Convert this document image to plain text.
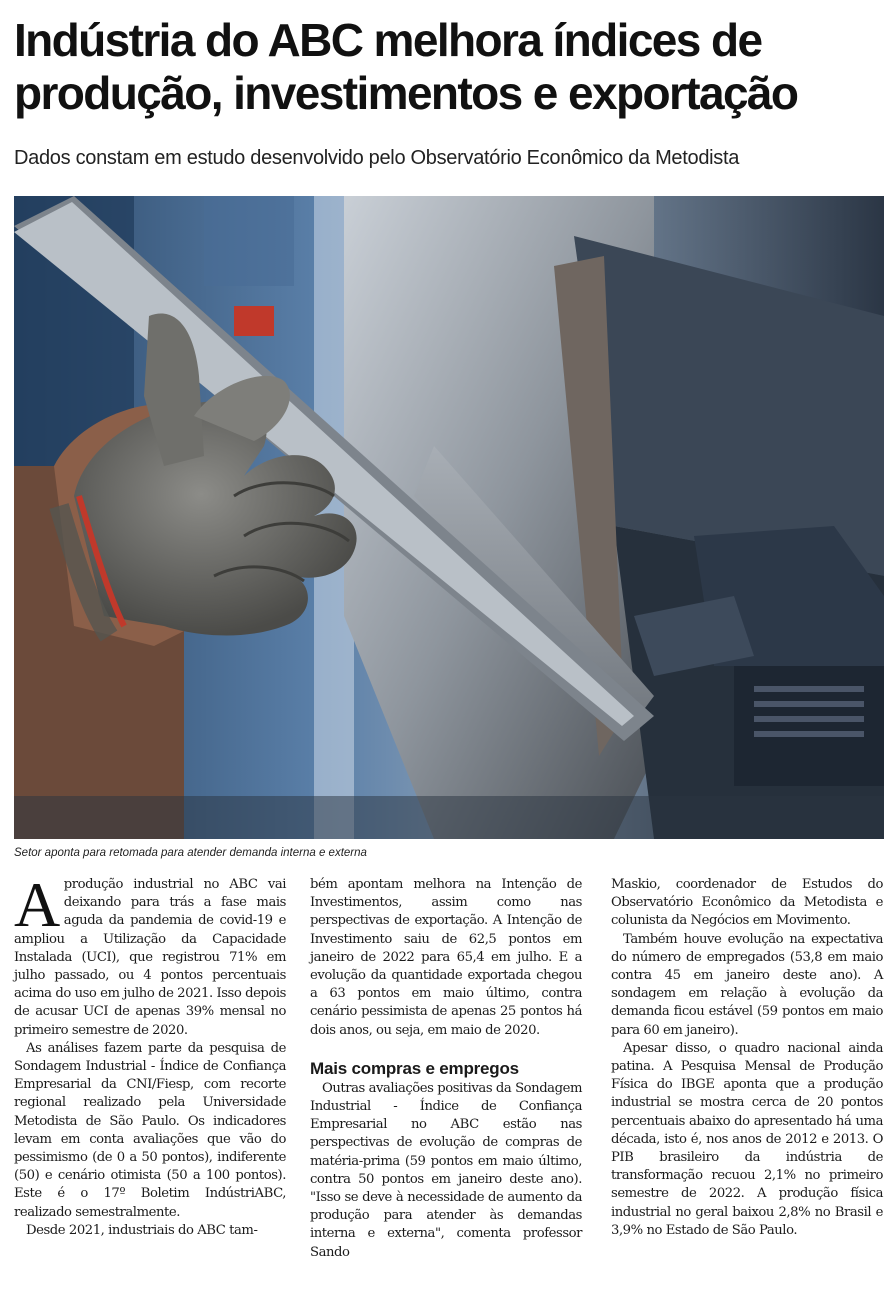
Indústria do ABC melhora índices de produção, investimentos e exportação
Dados constam em estudo desenvolvido pelo Observatório Econômico da Metodista
Setor aponta para retomada para atender demanda interna e externa

Aprodução industrial no ABC vai deixando para trás a fase mais aguda da pandemia de covid-19 e ampliou a Utilização da Capacidade Instalada (UCI), que registrou 71% em julho passado, ou 4 pontos percentuais acima do uso em julho de 2021. Isso depois de acusar UCI de apenas 39% mensal no primeiro semestre de 2020.

As análises fazem parte da pesquisa de Sondagem Industrial - Índice de Confiança Empresarial da CNI/Fiesp, com recorte regional realizado pela Universidade Metodista de São Paulo. Os indicadores levam em conta avaliações que vão do pessimismo (de 0 a 50 pontos), indiferente (50) e cenário otimista (50 a 100 pontos). Este é o 17º Boletim IndústriABC, realizado semestralmente.

Desde 2021, industriais do ABC tam-

bém apontam melhora na Intenção de Investimentos, assim como nas perspectivas de exportação. A Intenção de Investimento saiu de 62,5 pontos em janeiro de 2022 para 65,4 em julho. E a evolução da quantidade exportada chegou a 63 pontos em maio último, contra cenário pessimista de apenas 25 pontos há dois anos, ou seja, em maio de 2020.

Mais compras e empregos

Outras avaliações positivas da Sondagem Industrial - Índice de Confiança Empresarial no ABC estão nas perspectivas de evolução de compras de matéria-prima (59 pontos em maio último, contra 50 pontos em janeiro deste ano). "Isso se deve à necessidade de aumento da produção para atender às demandas interna e externa", comenta professor Sando

Maskio, coordenador de Estudos do Observatório Econômico da Metodista e colunista da Negócios em Movimento.

Também houve evolução na expectativa do número de empregados (53,8 em maio contra 45 em janeiro deste ano). A sondagem em relação à evolução da demanda ficou estável (59 pontos em maio para 60 em janeiro).

Apesar disso, o quadro nacional ainda patina. A Pesquisa Mensal de Produção Física do IBGE aponta que a produção industrial se mostra cerca de 20 pontos percentuais abaixo do apresentado há uma década, isto é, nos anos de 2012 e 2013. O PIB brasileiro da indústria de transformação recuou 2,1% no primeiro semestre de 2022. A produção física industrial no geral baixou 2,8% no Brasil e 3,9% no Estado de São Paulo.
